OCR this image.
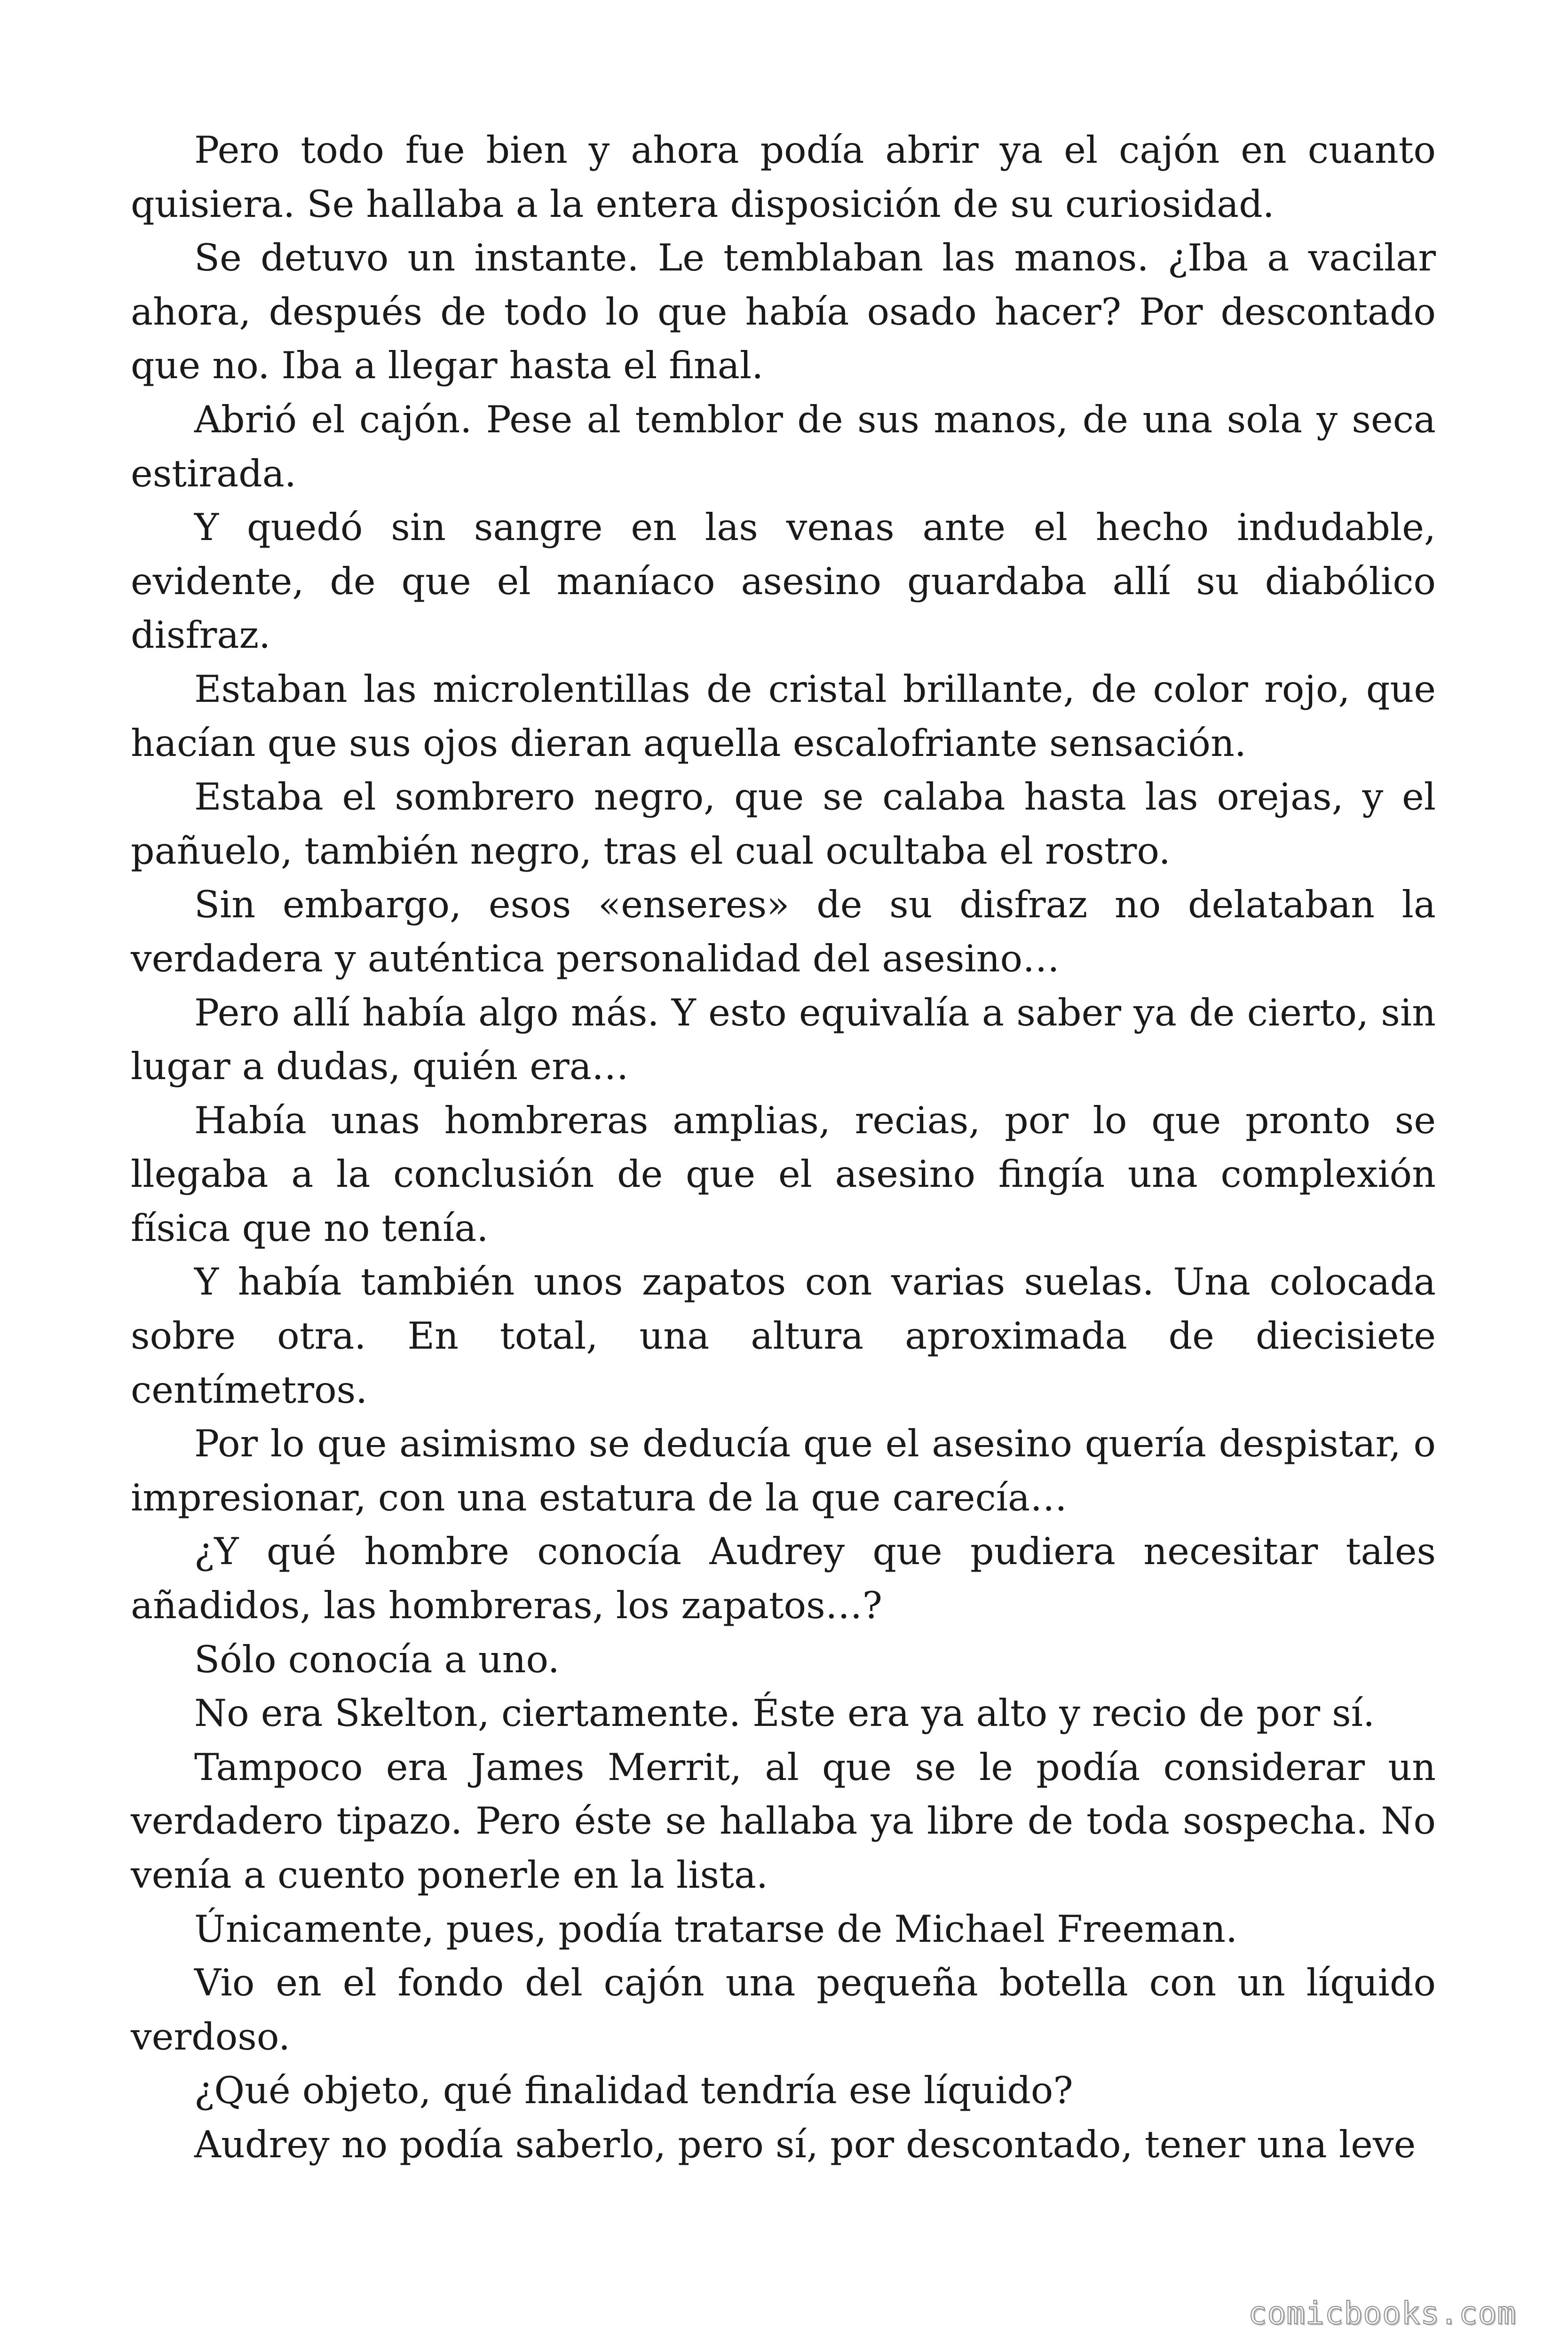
Pero todo fue bien y ahora podía abrir ya el cajón en cuanto quisiera. Se hallaba a la entera disposición de su curiosidad.

Se detuvo un instante. Le temblaban las manos. ¿Iba a vacilar ahora, después de todo lo que había osado hacer? Por descontado que no. Iba a llegar hasta el final.

Abrió el cajón. Pese al temblor de sus manos, de una sola y seca estirada.

Y quedó sin sangre en las venas ante el hecho indudable, evidente, de que el maníaco asesino guardaba allí su diabólico disfraz.

Estaban las microlentillas de cristal brillante, de color rojo, que hacían que sus ojos dieran aquella escalofriante sensación.

Estaba el sombrero negro, que se calaba hasta las orejas, y el pañuelo, también negro, tras el cual ocultaba el rostro.

Sin embargo, esos «enseres» de su disfraz no delataban la verdadera y auténtica personalidad del asesino…

Pero allí había algo más. Y esto equivalía a saber ya de cierto, sin lugar a dudas, quién era…

Había unas hombreras amplias, recias, por lo que pronto se llegaba a la conclusión de que el asesino fingía una complexión física que no tenía.

Y había también unos zapatos con varias suelas. Una colocada sobre otra. En total, una altura aproximada de diecisiete centímetros.

Por lo que asimismo se deducía que el asesino quería despistar, o impresionar, con una estatura de la que carecía…

¿Y qué hombre conocía Audrey que pudiera necesitar tales añadidos, las hombreras, los zapatos…?

Sólo conocía a uno.

No era Skelton, ciertamente. Éste era ya alto y recio de por sí.

Tampoco era James Merrit, al que se le podía considerar un verdadero tipazo. Pero éste se hallaba ya libre de toda sospecha. No venía a cuento ponerle en la lista.

Únicamente, pues, podía tratarse de Michael Freeman.

Vio en el fondo del cajón una pequeña botella con un líquido verdoso.

¿Qué objeto, qué finalidad tendría ese líquido?

Audrey no podía saberlo, pero sí, por descontado, tener una leve

comicbooks.com
